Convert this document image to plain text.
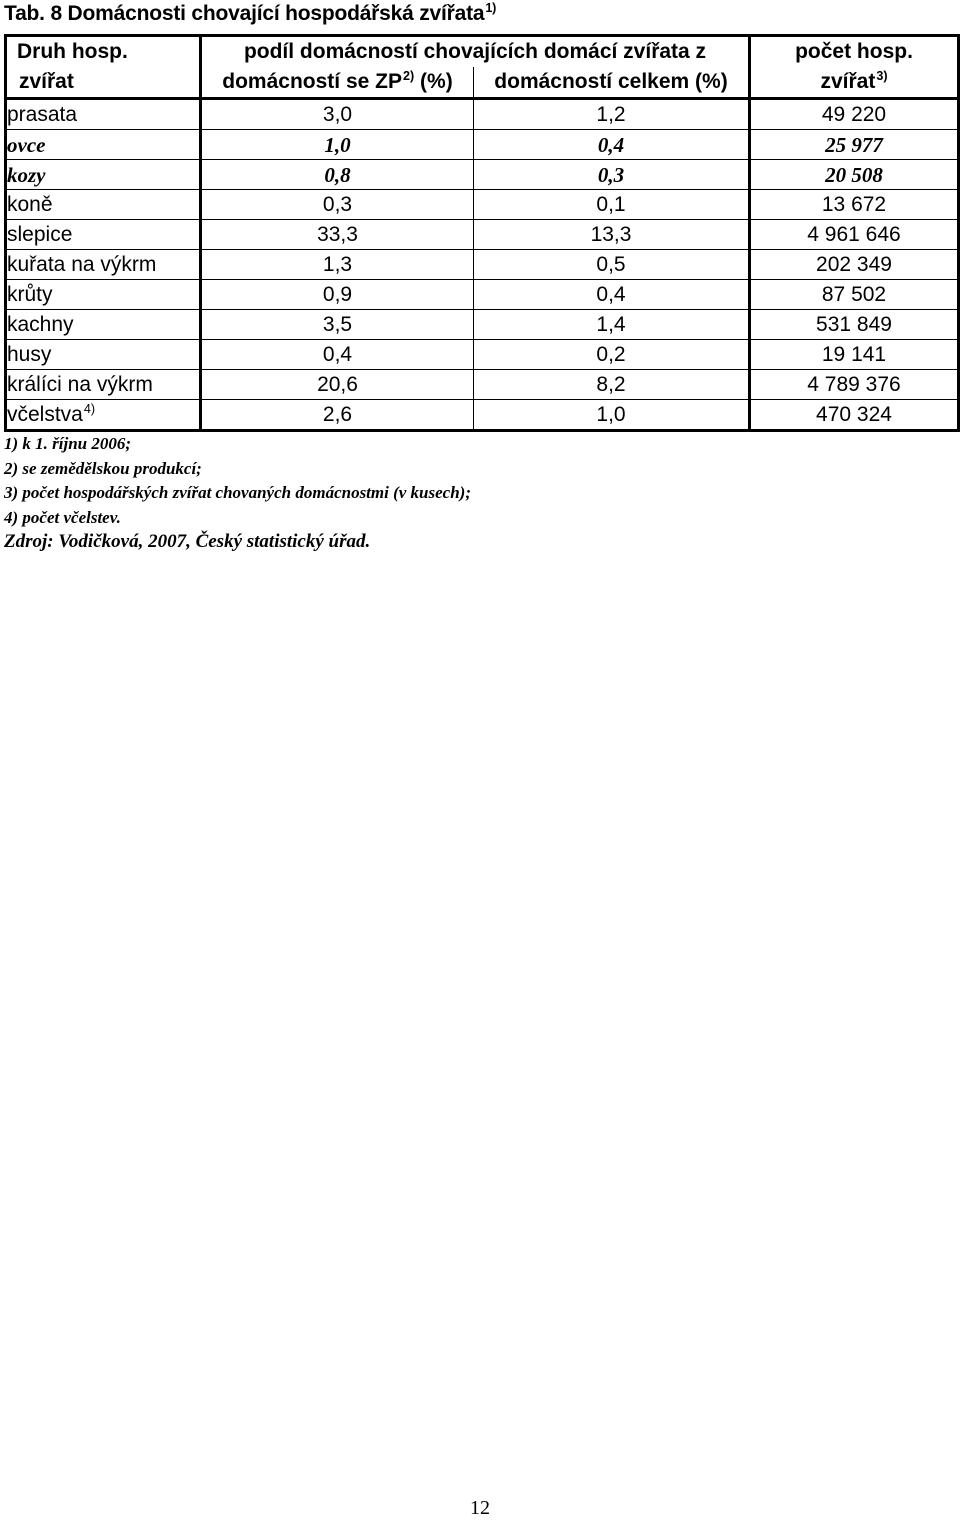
Tab. 8 Domácnosti chovající hospodářská zvířata$^{1)}$
Druh hosp.	podíl domácností chovajících domácí zvířata z		počet hosp.
zvířat	domácností se ZP$^{2)}$ (%)	domácností celkem (%)	zvířat$^{3)}$
prasata	3,0	1,2	49 220
ovce	1,0	0,4	25 977
kozy	0,8	0,3	20 508
koně	0,3	0,1	13 672
slepice	33,3	13,3	4 961 646
kuřata na výkrm	1,3	0,5	202 349
krůty	0,9	0,4	87 502
kachny	3,5	1,4	531 849
husy	0,4	0,2	19 141
králíci na výkrm	20,6	8,2	4 789 376
včelstva$^{4)}$	2,6	1,0	470 324
1) k 1. říjnu 2006;
2) se zemědělskou produkcí;
3) počet hospodářských zvířat chovaných domácnostmi (v kusech);
4) počet včelstev.
Zdroj: Vodičková, 2007, Český statistický úřad.
12
